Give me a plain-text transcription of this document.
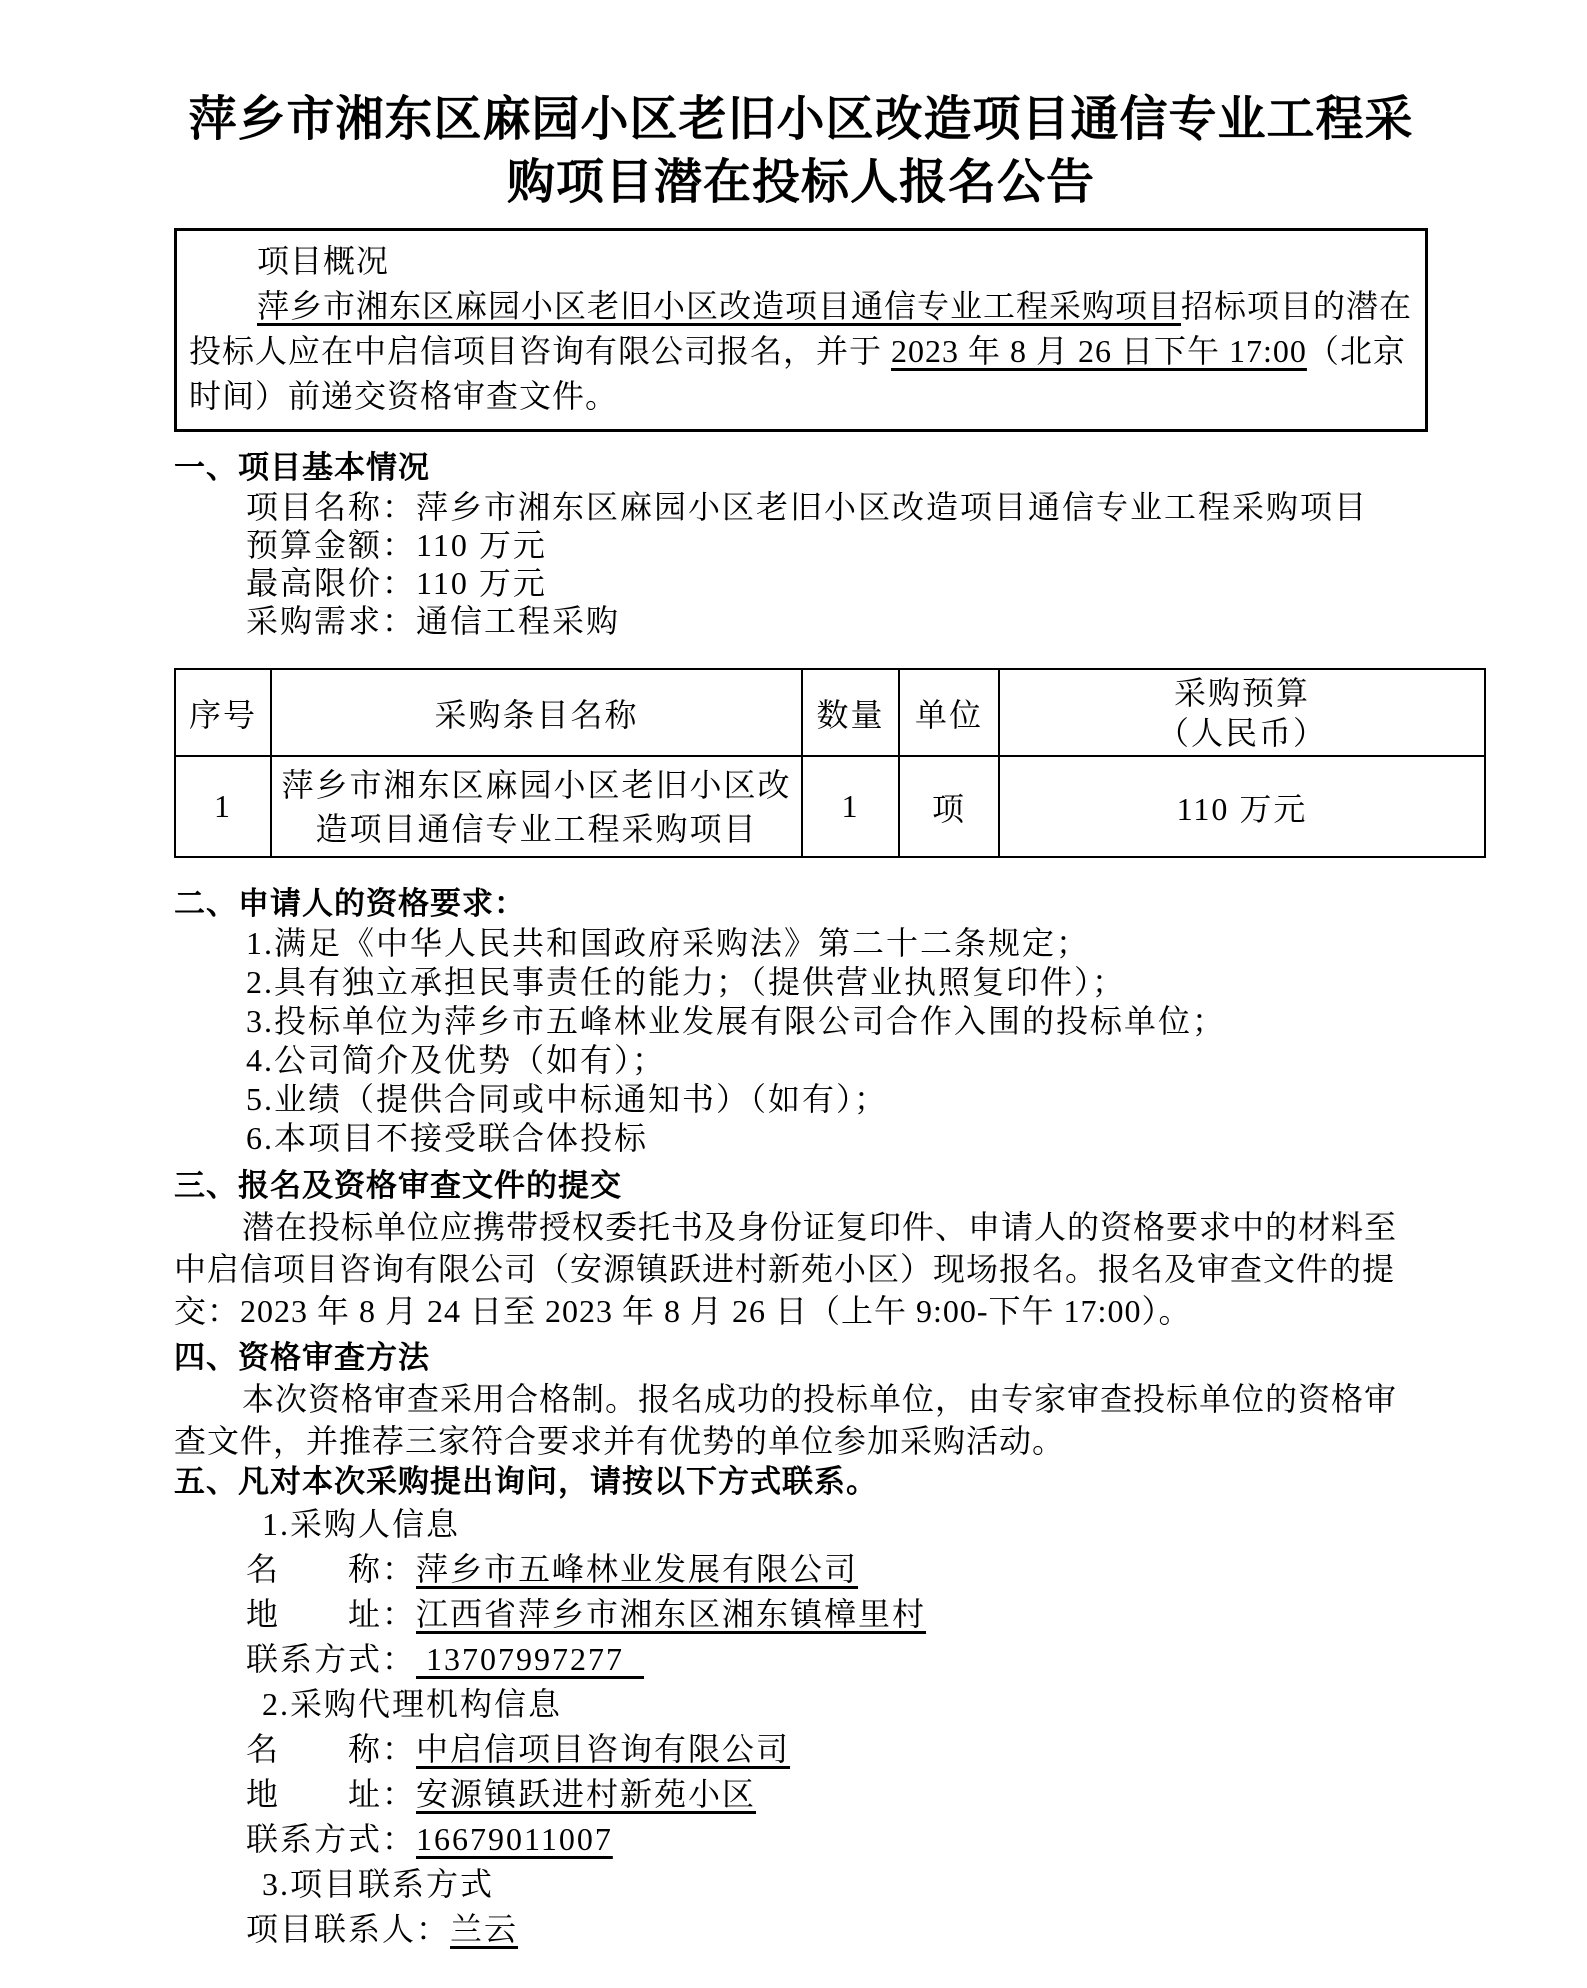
萍乡市湘东区麻园小区老旧小区改造项目通信专业工程采
购项目潜在投标人报名公告

项目概况

萍乡市湘东区麻园小区老旧小区改造项目通信专业工程采购项目招标项目的潜在投标人应在中启信项目咨询有限公司报名，并于 2023 年 8 月 26 日下午 17:00（北京时间）前递交资格审查文件。

一、项目基本情况

项目名称：萍乡市湘东区麻园小区老旧小区改造项目通信专业工程采购项目

预算金额：110 万元

最高限价：110 万元

采购需求：通信工程采购

序号	采购条目名称	数量	单位	采购预算
（人民币）

1	萍乡市湘东区麻园小区老旧小区改造项目通信专业工程采购项目	1	项	110 万元
二、申请人的资格要求：

1.满足《中华人民共和国政府采购法》第二十二条规定；

2.具有独立承担民事责任的能力；（提供营业执照复印件）；

3.投标单位为萍乡市五峰林业发展有限公司合作入围的投标单位；

4.公司简介及优势（如有）；

5.业绩（提供合同或中标通知书）（如有）；

6.本项目不接受联合体投标

三、报名及资格审查文件的提交

潜在投标单位应携带授权委托书及身份证复印件、申请人的资格要求中的材料至中启信项目咨询有限公司（安源镇跃进村新苑小区）现场报名。报名及审查文件的提交：2023 年 8 月 24 日至 2023 年 8 月 26 日（上午 9:00-下午 17:00）。

四、资格审查方法

本次资格审查采用合格制。报名成功的投标单位，由专家审查投标单位的资格审查文件，并推荐三家符合要求并有优势的单位参加采购活动。

五、凡对本次采购提出询问，请按以下方式联系。

1.采购人信息

名　　称：萍乡市五峰林业发展有限公司

地　　址：江西省萍乡市湘东区湘东镇樟里村

联系方式： 13707997277

2.采购代理机构信息

名　　称：中启信项目咨询有限公司

地　　址：安源镇跃进村新苑小区

联系方式：16679011007

3.项目联系方式

项目联系人：兰云
